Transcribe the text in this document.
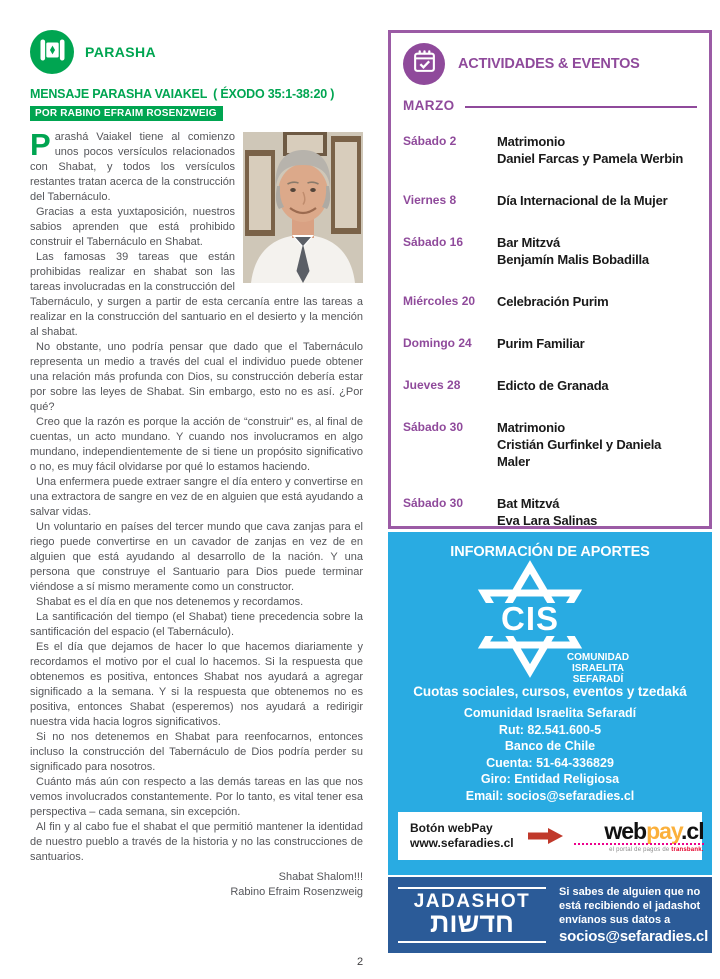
PARASHA
MENSAJE PARASHA VAIAKEL ( ÉXODO 35:1-38:20 )
POR RABINO EFRAIM ROSENZWEIG

Parashá Vaiakel tiene al comienzo unos pocos versículos relacionados con Shabat, y todos los versículos restantes tratan acerca de la construcción del Tabernáculo.

Gracias a esta yuxtaposición, nuestros sabios aprenden que está prohibido construir el Tabernáculo en Shabat.

Las famosas 39 tareas que están prohibidas realizar en shabat son las tareas involucradas en la construcción del Tabernáculo, y surgen a partir de esta cercanía entre las tareas a realizar en la construcción del santuario en el desierto y la mención al shabat.

No obstante, uno podría pensar que dado que el Tabernáculo representa un medio a través del cual el individuo puede obtener una relación más profunda con Dios, su construcción debería estar por sobre las leyes de Shabat. Sin embargo, esto no es así. ¿Por qué?

Creo que la razón es porque la acción de “construir” es, al final de cuentas, un acto mundano. Y cuando nos involucramos en algo mundano, independientemente de si tiene un propósito significativo o no, es muy fácil olvidarse por qué lo estamos haciendo.

Una enfermera puede extraer sangre el día entero y convertirse en una extractora de sangre en vez de en alguien que está ayudando a salvar vidas.

Un voluntario en países del tercer mundo que cava zanjas para el riego puede convertirse en un cavador de zanjas en vez de en alguien que está ayudando al desarrollo de la nación. Y una persona que construye el Santuario para Dios puede terminar viéndose a sí mismo meramente como un constructor.

Shabat es el día en que nos detenemos y recordamos.

La santificación del tiempo (el Shabat) tiene precedencia sobre la santificación del espacio (el Tabernáculo).

Es el día que dejamos de hacer lo que hacemos diariamente y recordamos el motivo por el cual lo hacemos. Si la respuesta que obtenemos es positiva, entonces Shabat nos ayudará a agregar significado a la semana. Y si la respuesta que obtenemos no es positiva, entonces Shabat (esperemos) nos ayudará a redirigir nuestra vida hacia logros significativos.

Si no nos detenemos en Shabat para reenfocarnos, entonces incluso la construcción del Tabernáculo de Dios podría perder su significado para nosotros.

Cuánto más aún con respecto a las demás tareas en las que nos vemos involucrados constantemente. Por lo tanto, es vital tener esa perspectiva – cada semana, sin excepción.

Al fin y al cabo fue el shabat el que permitió mantener la identidad de nuestro pueblo a través de la historia y no las construcciones de santuarios.

Shabat Shalom!!!

Rabino Efraim Rosenzweig

ACTIVIDADES & EVENTOS
MARZO
Sábado 2	Matrimonio
Daniel Farcas y Pamela Werbin
Viernes 8	Día Internacional de la Mujer
Sábado 16	Bar Mitzvá
Benjamín Malis Bobadilla
Miércoles 20	Celebración Purim
Domingo 24	Purim Familiar
Jueves 28	Edicto de Granada
Sábado 30	Matrimonio
Cristián Gurfinkel y Daniela Maler
Sábado 30	Bat Mitzvá
Eva Lara Salinas
INFORMACIÓN DE APORTES
CIS
COMUNIDAD
ISRAELITA
SEFARADÍ
Cuotas sociales, cursos, eventos y tzedaká
Comunidad Israelita Sefaradí
Rut: 82.541.600-5
Banco de Chile
Cuenta: 51-64-336829
Giro: Entidad Religiosa
Email: socios@sefaradies.cl
Botón webPay
www.sefaradies.cl	webpay.cl
el portal de pagos de transbank.
JADASHOT
חדשות
Si sabes de alguien que no
está recibiendo el jadashot
envíanos sus datos a
socios@sefaradies.cl
2
